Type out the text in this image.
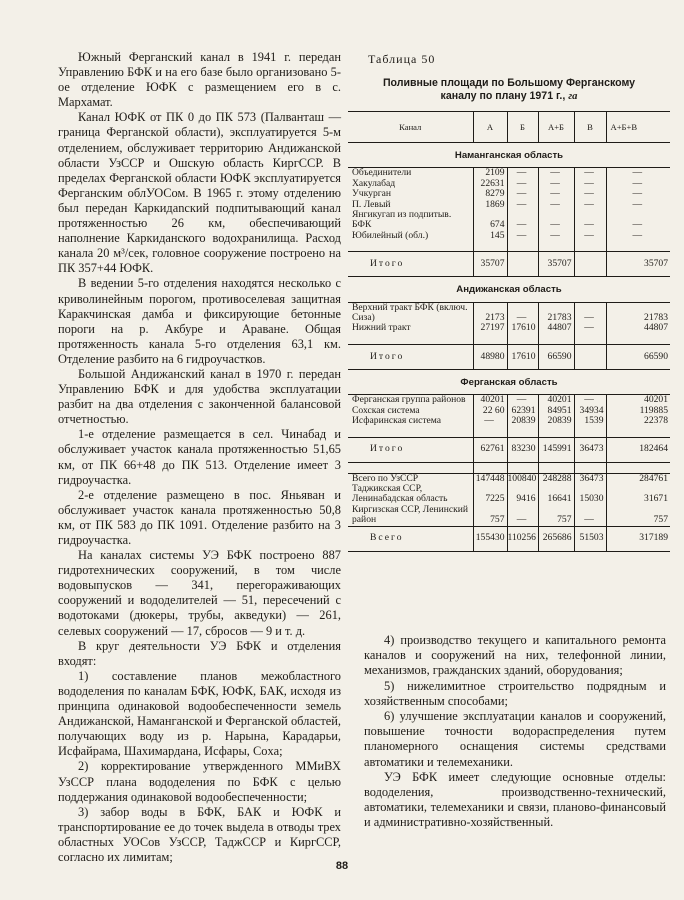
Южный Ферганский канал в 1941 г. передан Управлению БФК и на его базе было организовано 5-ое отделение ЮФК с размещением его в с. Мархамат.

Канал ЮФК от ПК 0 до ПК 573 (Палванташ — граница Ферганской области), эксплуатируется 5-м отделением, обслуживает территорию Андижанской области УзССР и Ошскую область КиргССР. В пределах Ферганской области ЮФК эксплуатируется Ферганским облУОСом. В 1965 г. этому отделению был передан Каркидanский подпитывающий канал протяженностью 26 км, обеспечивающий наполнение Каркиданского водохранилища. Расход канала 20 м³/сек, головное сооружение построено на ПК 357+44 ЮФК.

В ведении 5-го отделения находятся несколько с криволинейным порогом, противоселевая защитная Каракчинская дамба и фиксирующие бетонные пороги на р. Акбуре и Араване. Общая протяженность канала 5-го отделения 63,1 км. Отделение разбито на 6 гидроучастков.

Большой Андижанский канал в 1970 г. передан Управлению БФК и для удобства эксплуатации разбит на два отделения с законченной балансовой отчетностью.

1-е отделение размещается в сел. Чинабад и обслуживает участок канала протяженностью 51,65 км, от ПК 66+48 до ПК 513. Отделение имеет 3 гидроучастка.

2-е отделение размещено в пос. Яньяван и обслуживает участок канала протяженностью 50,8 км, от ПК 583 до ПК 1091. Отделение разбито на 3 гидроучастка.

На каналах системы УЭ БФК построено 887 гидротехнических сооружений, в том числе водовыпусков — 341, перегораживающих сооружений и вододелителей — 51, пересечений с водотоками (дюкеры, трубы, акведуки) — 261, селевых сооружений — 17, сбросов — 9 и т. д.

В круг деятельности УЭ БФК и отделения входят:

1) составление планов межобластного вододеления по каналам БФК, ЮФК, БАК, исходя из принципа одинаковой водообеспеченности земель Андижанской, Наманганской и Ферганской областей, получающих воду из р. Нарына, Карадарьи, Исфайрама, Шахимардана, Исфары, Coxa;

2) корректирование утвержденного ММиВХ УзССР плана вододеления по БФК с целью поддержания одинаковой водообеспеченности;

3) забор воды в БФК, БАК и ЮФК и транспортирование ее до точек выдела в отводы трех областных УОСов УзССР, ТаджССР и КиргССР, согласно их лимитам;

Таблица 50
Поливные площади по Большому Ферганскому
каналу по плану 1971 г., га
Канал	А	Б	А+Б	В	А+Б+В
Наманганская область					
Объединители	2109	—	—	—	—
Хакулабад	22631	—	—	—	—
Учкурган	8279	—	—	—	—
П. Левый	1869	—	—	—	—
Янгикугап из подпитыв. БФК	674	—	—	—	—
Юбилейный (обл.)	145	—	—	—	—

Итого	35707		35707		35707
Андижанская область					
Верхний тракт БФК (включ. Сиза)	2173	—	21783	—	21783
Нижний тракт	27197	17610	44807	—	44807

Итого	48980	17610	66590		66590
Ферганская область					
Ферганская группа районов	40201	—	40201	—	40201
Сохская система	22 60	62391	84951	34934	119885
Исфаринская система	—	20839	20839	1539	22378

Итого	62761	83230	145991	36473	182464

Всего по УзССР	147448	100840	248288	36473	284761
Таджикская ССР, Ленинабадская область	7225	9416	16641	15030	31671
Киргизская ССР, Ленинский район	757	—	757	—	757
Всего	155430	110256	265686	51503	317189

4) производство текущего и капитального ремонта каналов и сооружений на них, телефонной линии, механизмов, гражданских зданий, оборудования;

5) нижелимитное строительство подрядным и хозяйственным способами;

6) улучшение эксплуатации каналов и сооружений, повышение точности водораспределения путем планомерного оснащения системы средствами автоматики и телемеханики.

УЭ БФК имеет следующие основные отделы: вододеления, производственно-технический, автоматики, телемеханики и связи, планово-финансовый и административно-хозяйственный.

88
